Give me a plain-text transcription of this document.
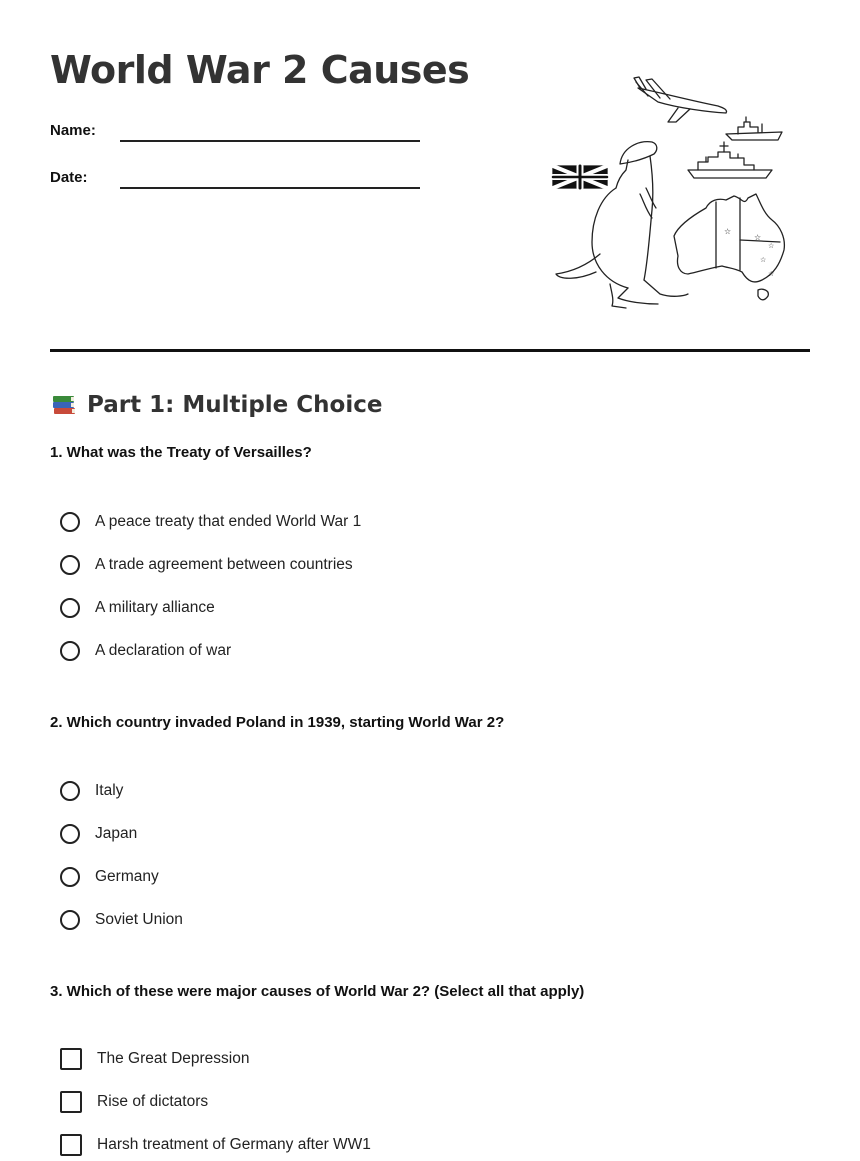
World War 2 Causes
Name:
Date:
☆
☆
☆
☆
☆
Part 1: Multiple Choice

1. What was the Treaty of Versailles?

A peace treaty that ended World War 1
A trade agreement between countries
A military alliance
A declaration of war

2. Which country invaded Poland in 1939, starting World War 2?

Italy
Japan
Germany
Soviet Union

3. Which of these were major causes of World War 2? (Select all that apply)

The Great Depression
Rise of dictators
Harsh treatment of Germany after WW1
